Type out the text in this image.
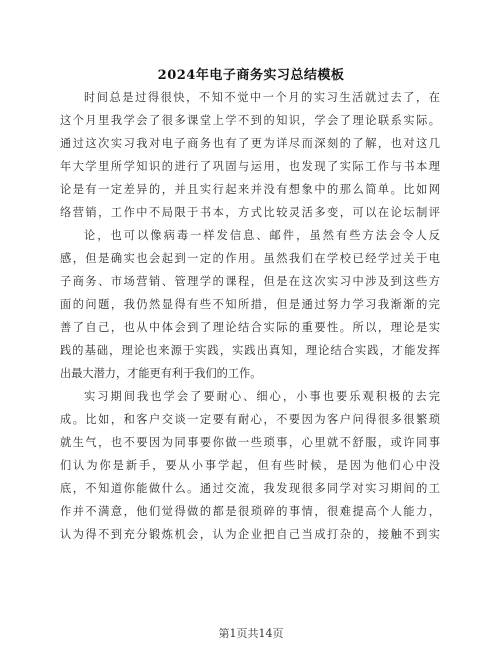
2024年电子商务实习总结模板
时间总是过得很快，不知不觉中一个月的实习生活就过去了，在
这个月里我学会了很多课堂上学不到的知识，学会了理论联系实际。
通过这次实习我对电子商务也有了更为详尽而深刻的了解，也对这几
年大学里所学知识的进行了巩固与运用，也发现了实际工作与书本理
论是有一定差异的，并且实行起来并没有想象中的那么简单。比如网
络营销，工作中不局限于书本，方式比较灵活多变，可以在论坛制评
论，也可以像病毒一样发信息、邮件，虽然有些方法会令人反
感，但是确实也会起到一定的作用。虽然我们在学校已经学过关于电
子商务、市场营销、管理学的课程，但是在这次实习中涉及到这些方
面的问题，我仍然显得有些不知所措，但是通过努力学习我渐渐的完
善了自己，也从中体会到了理论结合实际的重要性。所以，理论是实
践的基础，理论也来源于实践，实践出真知，理论结合实践，才能发挥
出最大潜力，才能更有利于我们的工作。
实习期间我也学会了要耐心、细心，小事也要乐观积极的去完
成。比如，和客户交谈一定要有耐心，不要因为客户问得很多很繁琐
就生气，也不要因为同事要你做一些琐事，心里就不舒服，或许同事
们认为你是新手，要从小事学起，但有些时候，是因为他们心中没
底，不知道你能做什么。通过交流，我发现很多同学对实习期间的工
作并不满意，他们觉得做的都是很琐碎的事情，很难提高个人能力，
认为得不到充分锻炼机会，认为企业把自己当成打杂的，接触不到实
第1页共14页
